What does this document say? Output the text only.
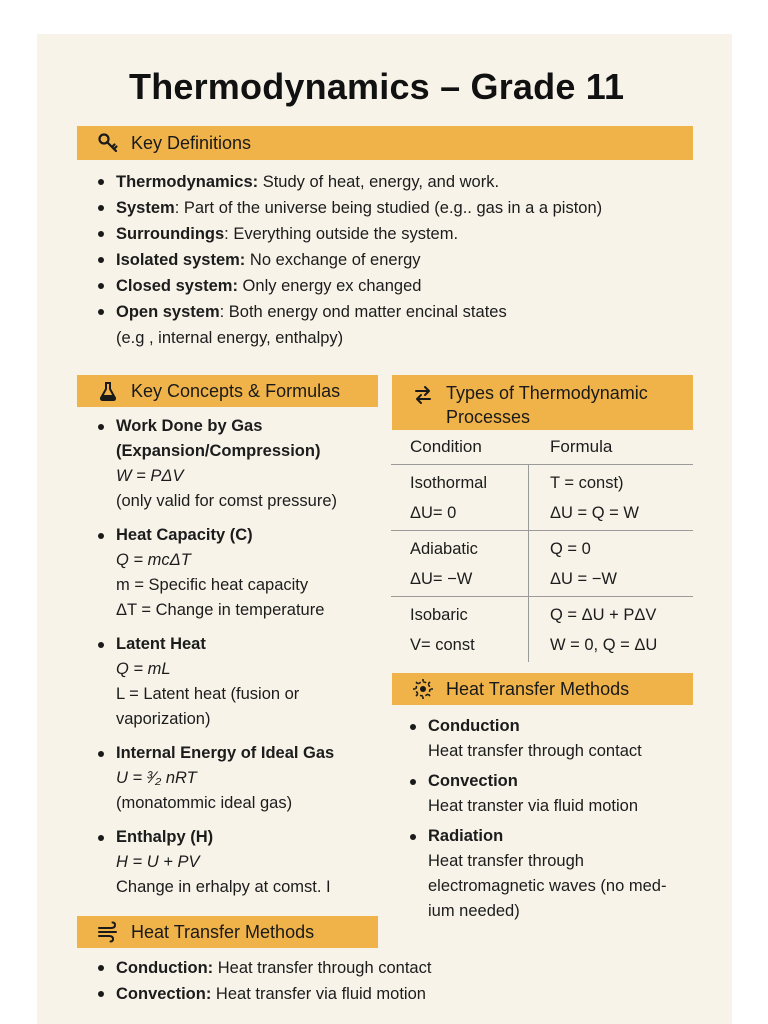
Thermodynamics – Grade 11
Key Definitions
Thermodynamics: Study of heat, energy, and work.
System: Part of the universe being studied (e.g.. gas in a a piston)
Surroundings: Everything outside the system.
Isolated system: No exchange of energy
Closed system: Only energy ex changed
Open system: Both energy ond matter encinal states
(e.g , internal energy, enthalpy)
Key Concepts & Formulas
Work Done by Gas
(Expansion/Compression)
W = PΔV
(only valid for comst pressure)
Heat Capacity (C)
Q = mcΔT
m = Specific heat capacity
ΔT = Change in temperature
Latent Heat
Q = mL
L = Latent heat (fusion or
vaporization)
Internal Energy of Ideal Gas
U = ³⁄₂ nRT
(monatommic ideal gas)
Enthalpy (H)
H = U + PV
Change in erhalpy at comst. I
Types of Thermodynamic
Processes
Condition	Formula
Isothormal
ΔU= 0
T = const)
ΔU = Q = W
Adiabatic
ΔU= −W
Q = 0
ΔU = −W
Isobaric
V= const
Q = ΔU + PΔV
W = 0, Q = ΔU
Heat Transfer Methods
Conduction
Heat transfer through contact
Convection
Heat transter via fluid motion
Radiation
Heat transfer through
electromagnetic waves (no med-
ium needed)
Heat Transfer Methods
Conduction: Heat transfer through contact
Convection: Heat transfer via fluid motion
